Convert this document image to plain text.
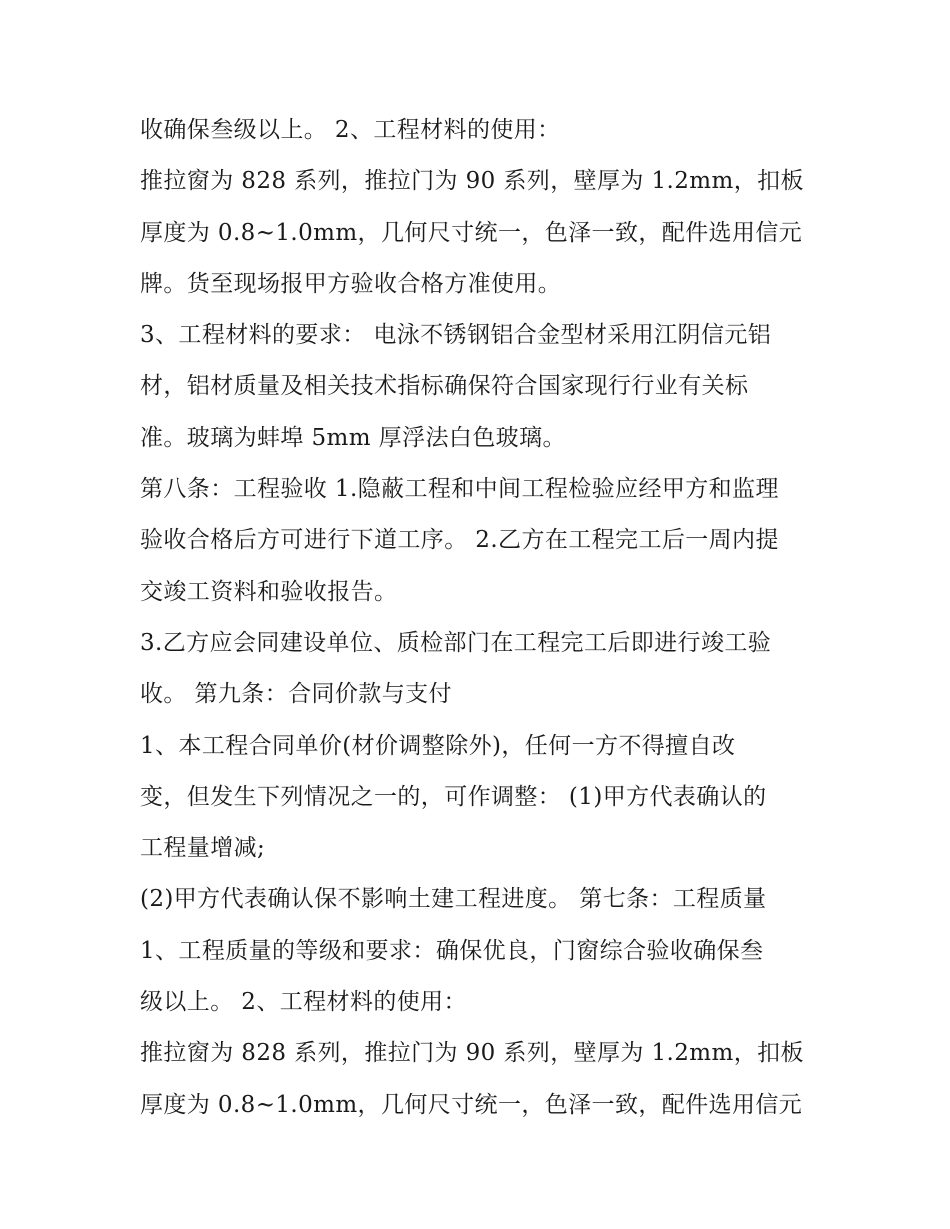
收确保叁级以上。 2、工程材料的使用：
推拉窗为 828 系列，推拉门为 90 系列，壁厚为 1.2mm，扣板
厚度为 0.8~1.0mm，几何尺寸统一，色泽一致，配件选用信元
牌。货至现场报甲方验收合格方准使用。
3、工程材料的要求： 电泳不锈钢铝合金型材采用江阴信元铝
材，铝材质量及相关技术指标确保符合国家现行行业有关标
准。玻璃为蚌埠 5mm 厚浮法白色玻璃。
第八条：工程验收 1.隐蔽工程和中间工程检验应经甲方和监理
验收合格后方可进行下道工序。 2.乙方在工程完工后一周内提
交竣工资料和验收报告。
3.乙方应会同建设单位、质检部门在工程完工后即进行竣工验
收。 第九条：合同价款与支付
1、本工程合同单价(材价调整除外)，任何一方不得擅自改
变，但发生下列情况之一的，可作调整： (1)甲方代表确认的
工程量增减;
(2)甲方代表确认保不影响土建工程进度。 第七条：工程质量
1、工程质量的等级和要求：确保优良，门窗综合验收确保叁
级以上。 2、工程材料的使用：
推拉窗为 828 系列，推拉门为 90 系列，壁厚为 1.2mm，扣板
厚度为 0.8~1.0mm，几何尺寸统一，色泽一致，配件选用信元
